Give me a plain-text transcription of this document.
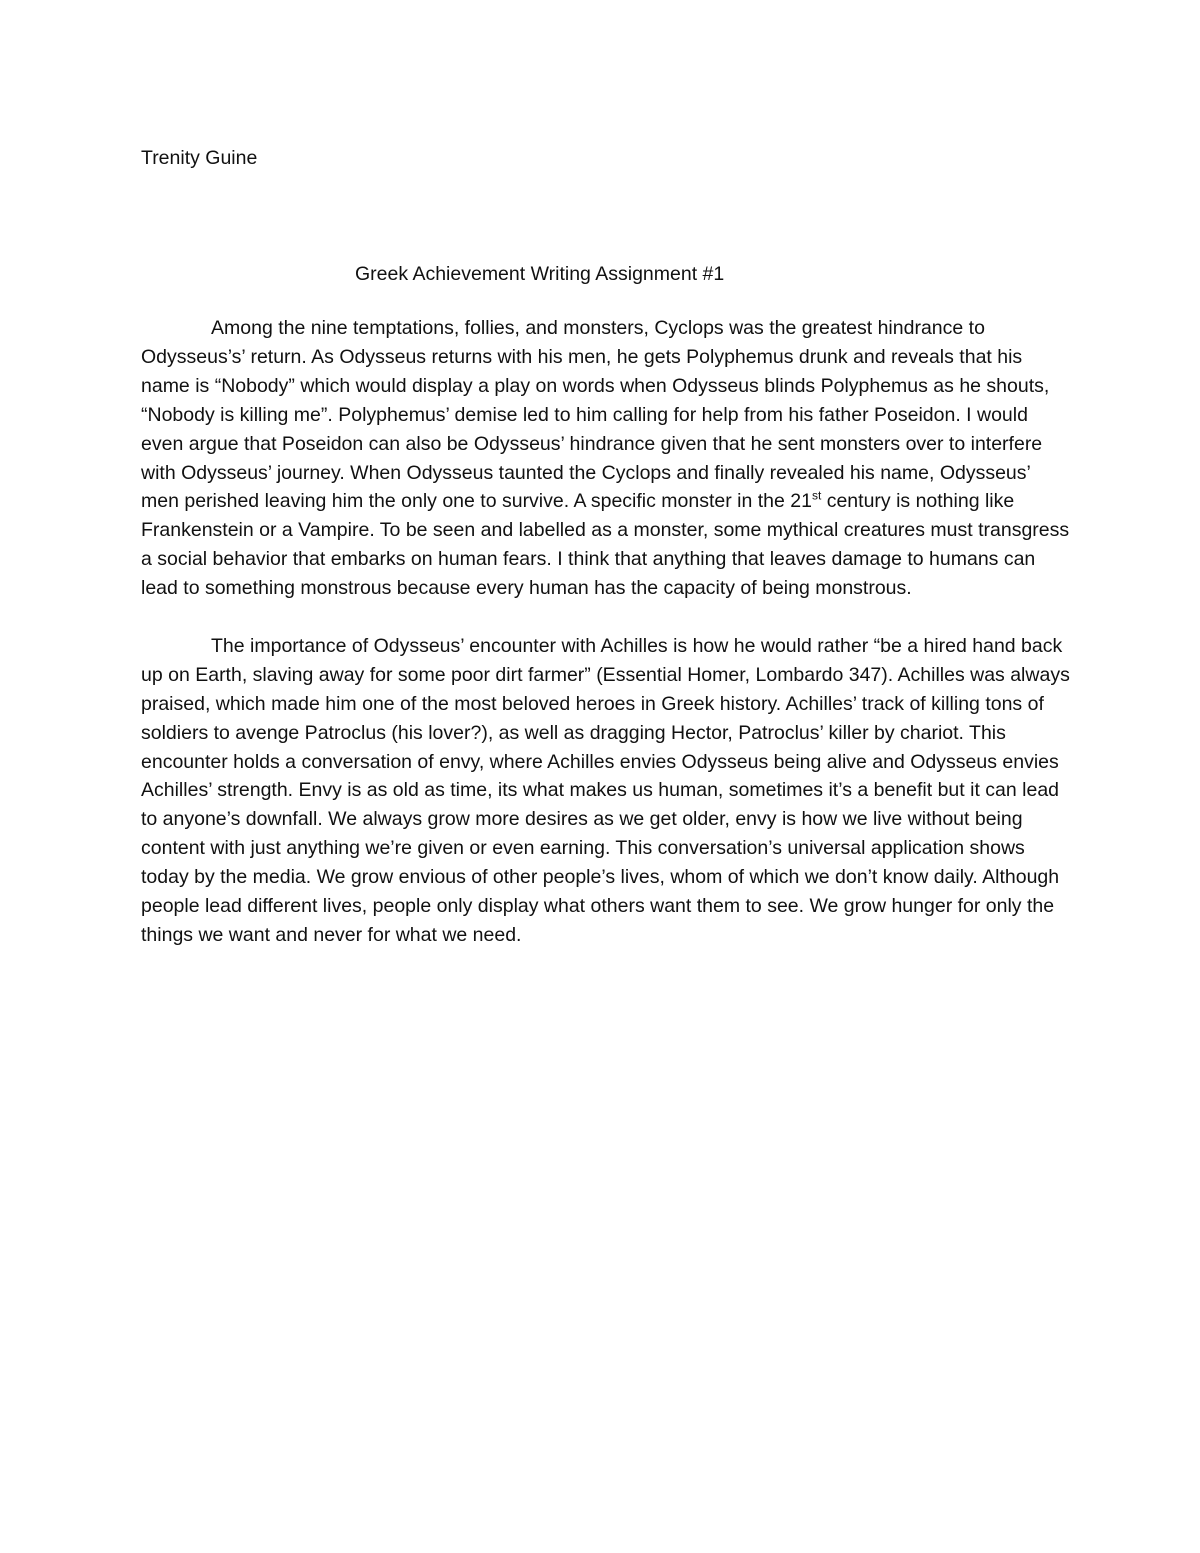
Trenity Guine
Greek Achievement Writing Assignment #1

Among the nine temptations, follies, and monsters, Cyclops was the greatest hindrance to Odysseus’s’ return. As Odysseus returns with his men, he gets Polyphemus drunk and reveals that his name is “Nobody” which would display a play on words when Odysseus blinds Polyphemus as he shouts, “Nobody is killing me”. Polyphemus’ demise led to him calling for help from his father Poseidon. I would even argue that Poseidon can also be Odysseus’ hindrance given that he sent monsters over to interfere with Odysseus’ journey. When Odysseus taunted the Cyclops and finally revealed his name, Odysseus’ men perished leaving him the only one to survive. A specific monster in the 21st century is nothing like Frankenstein or a Vampire. To be seen and labelled as a monster, some mythical creatures must transgress a social behavior that embarks on human fears. I think that anything that leaves damage to humans can lead to something monstrous because every human has the capacity of being monstrous.

The importance of Odysseus’ encounter with Achilles is how he would rather “be a hired hand back up on Earth, slaving away for some poor dirt farmer” (Essential Homer, Lombardo 347). Achilles was always praised, which made him one of the most beloved heroes in Greek history. Achilles’ track of killing tons of soldiers to avenge Patroclus (his lover?), as well as dragging Hector, Patroclus’ killer by chariot. This encounter holds a conversation of envy, where Achilles envies Odysseus being alive and Odysseus envies Achilles’ strength. Envy is as old as time, its what makes us human, sometimes it’s a benefit but it can lead to anyone’s downfall. We always grow more desires as we get older, envy is how we live without being content with just anything we’re given or even earning. This conversation’s universal application shows today by the media. We grow envious of other people’s lives, whom of which we don’t know daily. Although people lead different lives, people only display what others want them to see. We grow hunger for only the things we want and never for what we need.
